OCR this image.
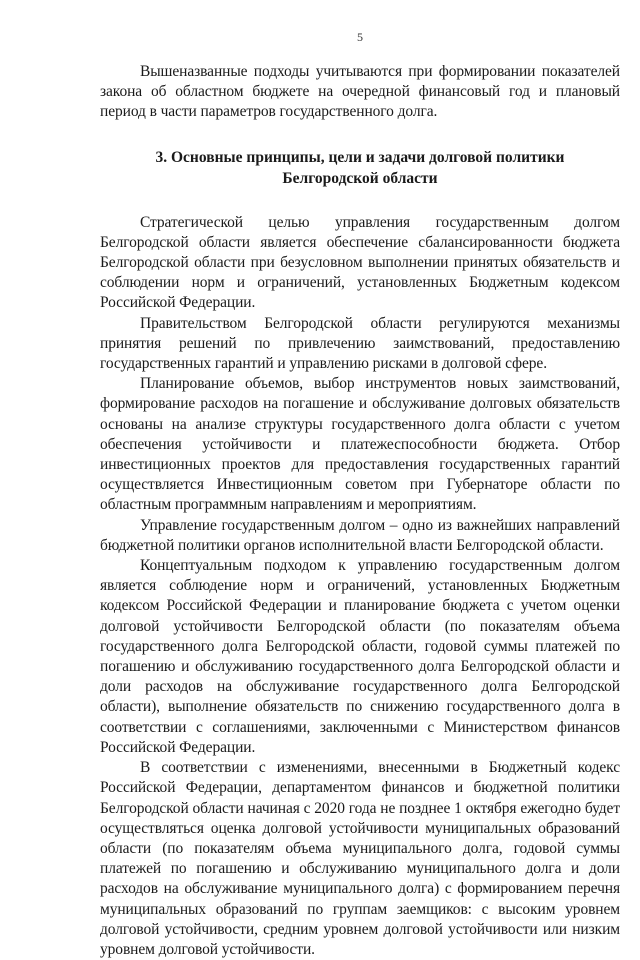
5

Вышеназванные подходы учитываются при формировании показателей закона об областном бюджете на очередной финансовый год и плановый период в части параметров государственного долга.

3. Основные принципы, цели и задачи долговой политики
Белгородской области

Стратегической целью управления государственным долгом Белгородской области является обеспечение сбалансированности бюджета Белгородской области при безусловном выполнении принятых обязательств и соблюдении норм и ограничений, установленных Бюджетным кодексом Российской Федерации.

Правительством Белгородской области регулируются механизмы принятия решений по привлечению заимствований, предоставлению государственных гарантий и управлению рисками в долговой сфере.

Планирование объемов, выбор инструментов новых заимствований, формирование расходов на погашение и обслуживание долговых обязательств основаны на анализе структуры государственного долга области с учетом обеспечения устойчивости и платежеспособности бюджета. Отбор инвестиционных проектов для предоставления государственных гарантий осуществляется Инвестиционным советом при Губернаторе области по областным программным направлениям и мероприятиям.

Управление государственным долгом – одно из важнейших направлений бюджетной политики органов исполнительной власти Белгородской области.

Концептуальным подходом к управлению государственным долгом является соблюдение норм и ограничений, установленных Бюджетным кодексом Российской Федерации и планирование бюджета с учетом оценки долговой устойчивости Белгородской области (по показателям объема государственного долга Белгородской области, годовой суммы платежей по погашению и обслуживанию государственного долга Белгородской области и доли расходов на обслуживание государственного долга Белгородской области), выполнение обязательств по снижению государственного долга в соответствии с соглашениями, заключенными с Министерством финансов Российской Федерации.

В соответствии с изменениями, внесенными в Бюджетный кодекс Российской Федерации, департаментом финансов и бюджетной политики Белгородской области начиная с 2020 года не позднее 1 октября ежегодно будет осуществляться оценка долговой устойчивости муниципальных образований области (по показателям объема муниципального долга, годовой суммы платежей по погашению и обслуживанию муниципального долга и доли расходов на обслуживание муниципального долга) с формированием перечня муниципальных образований по группам заемщиков: с высоким уровнем долговой устойчивости, средним уровнем долговой устойчивости или низким уровнем долговой устойчивости.
